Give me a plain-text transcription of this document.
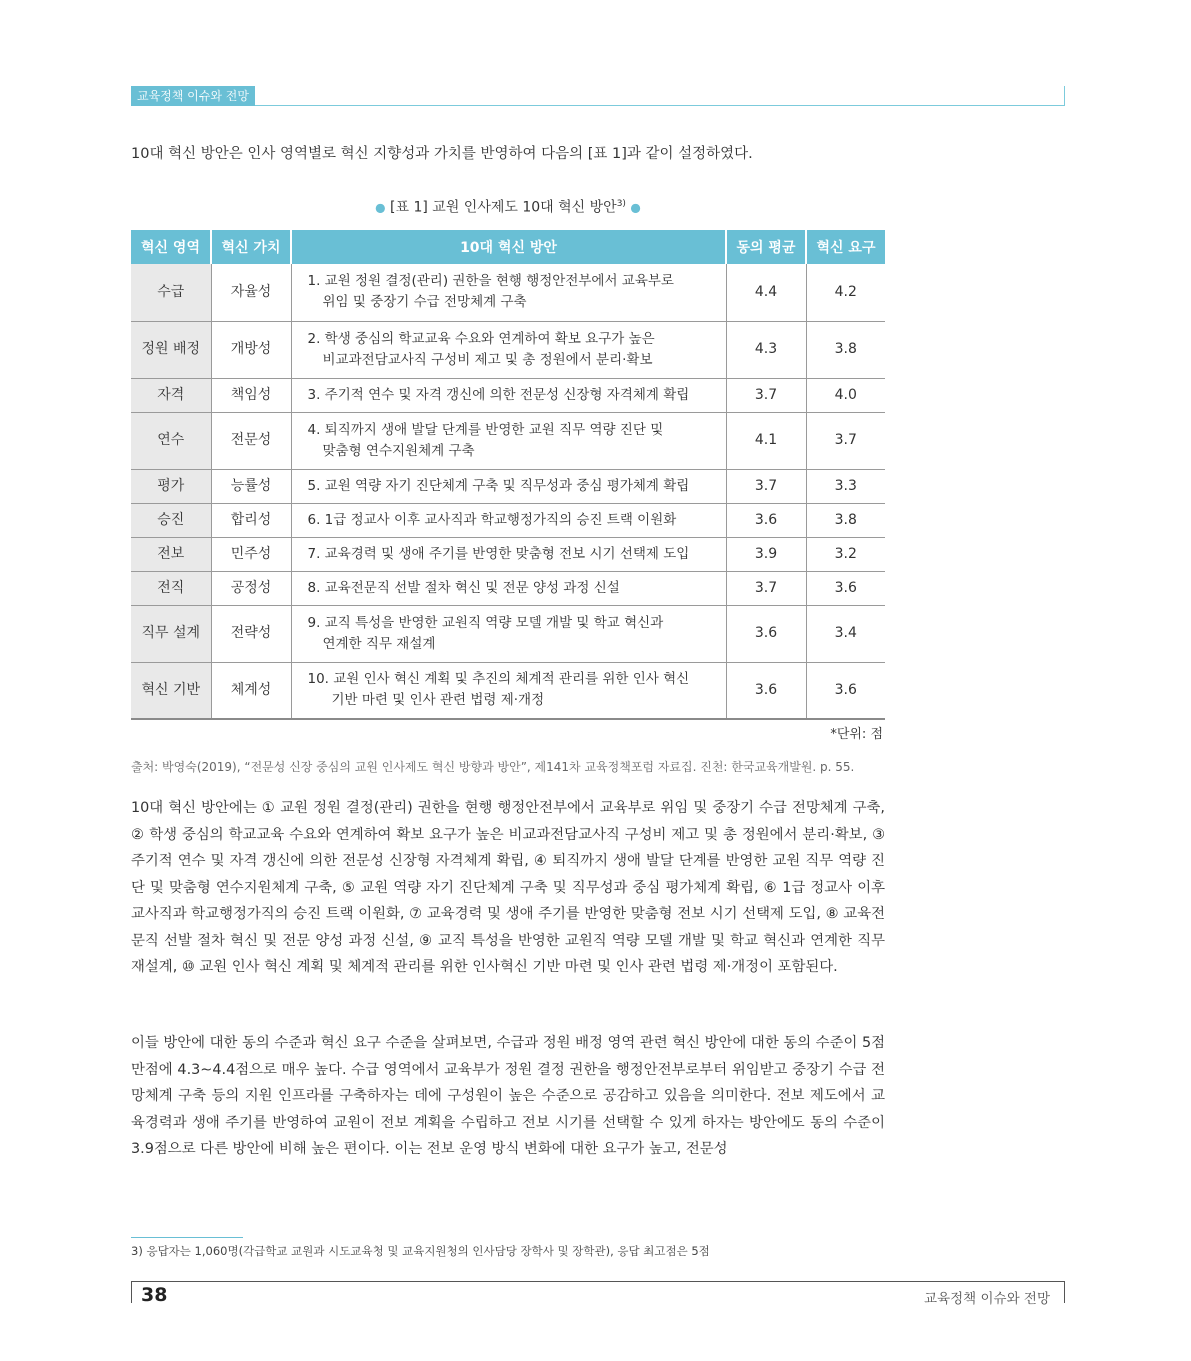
교육정책 이슈와 전망
10대 혁신 방안은 인사 영역별로 혁신 지향성과 가치를 반영하여 다음의 [표 1]과 같이 설정하였다.
● [표 1] 교원 인사제도 10대 혁신 방안$^{3)}$ ●
혁신 영역	혁신 가치	10대 혁신 방안	동의 평균	혁신 요구
수급	자율성	1. 교원 정원 결정(관리) 권한을 현행 행정안전부에서 교육부로
위임 및 중장기 수급 전망체계 구축	4.4	4.2
정원 배정	개방성	2. 학생 중심의 학교교육 수요와 연계하여 확보 요구가 높은
비교과전담교사직 구성비 제고 및 총 정원에서 분리·확보	4.3	3.8
자격	책임성	3. 주기적 연수 및 자격 갱신에 의한 전문성 신장형 자격체계 확립	3.7	4.0
연수	전문성	4. 퇴직까지 생애 발달 단계를 반영한 교원 직무 역량 진단 및
맞춤형 연수지원체계 구축	4.1	3.7
평가	능률성	5. 교원 역량 자기 진단체계 구축 및 직무성과 중심 평가체계 확립	3.7	3.3
승진	합리성	6. 1급 정교사 이후 교사직과 학교행정가직의 승진 트랙 이원화	3.6	3.8
전보	민주성	7. 교육경력 및 생애 주기를 반영한 맞춤형 전보 시기 선택제 도입	3.9	3.2
전직	공정성	8. 교육전문직 선발 절차 혁신 및 전문 양성 과정 신설	3.7	3.6
직무 설계	전략성	9. 교직 특성을 반영한 교원직 역량 모델 개발 및 학교 혁신과
연계한 직무 재설계	3.6	3.4
혁신 기반	체계성	10. 교원 인사 혁신 계획 및 추진의 체계적 관리를 위한 인사 혁신
기반 마련 및 인사 관련 법령 제·개정	3.6	3.6
*단위: 점
출처: 박영숙(2019), “전문성 신장 중심의 교원 인사제도 혁신 방향과 방안”, 제141차 교육정책포럼 자료집. 진천: 한국교육개발원. p. 55.
10대 혁신 방안에는 ① 교원 정원 결정(관리) 권한을 현행 행정안전부에서 교육부로 위임 및 중장기 수급 전망체계 구축, ② 학생 중심의 학교교육 수요와 연계하여 확보 요구가 높은 비교과전담교사직 구성비 제고 및 총 정원에서 분리·확보, ③ 주기적 연수 및 자격 갱신에 의한 전문성 신장형 자격체계 확립, ④ 퇴직까지 생애 발달 단계를 반영한 교원 직무 역량 진단 및 맞춤형 연수지원체계 구축, ⑤ 교원 역량 자기 진단체계 구축 및 직무성과 중심 평가체계 확립, ⑥ 1급 정교사 이후 교사직과 학교행정가직의 승진 트랙 이원화, ⑦ 교육경력 및 생애 주기를 반영한 맞춤형 전보 시기 선택제 도입, ⑧ 교육전문직 선발 절차 혁신 및 전문 양성 과정 신설, ⑨ 교직 특성을 반영한 교원직 역량 모델 개발 및 학교 혁신과 연계한 직무 재설계, ⑩ 교원 인사 혁신 계획 및 체계적 관리를 위한 인사혁신 기반 마련 및 인사 관련 법령 제·개정이 포함된다.
이들 방안에 대한 동의 수준과 혁신 요구 수준을 살펴보면, 수급과 정원 배정 영역 관련 혁신 방안에 대한 동의 수준이 5점 만점에 4.3∼4.4점으로 매우 높다. 수급 영역에서 교육부가 정원 결정 권한을 행정안전부로부터 위임받고 중장기 수급 전망체계 구축 등의 지원 인프라를 구축하자는 데에 구성원이 높은 수준으로 공감하고 있음을 의미한다. 전보 제도에서 교육경력과 생애 주기를 반영하여 교원이 전보 계획을 수립하고 전보 시기를 선택할 수 있게 하자는 방안에도 동의 수준이 3.9점으로 다른 방안에 비해 높은 편이다. 이는 전보 운영 방식 변화에 대한 요구가 높고, 전문성
3) 응답자는 1,060명(각급학교 교원과 시도교육청 및 교육지원청의 인사담당 장학사 및 장학관), 응답 최고점은 5점
38	교육정책 이슈와 전망
